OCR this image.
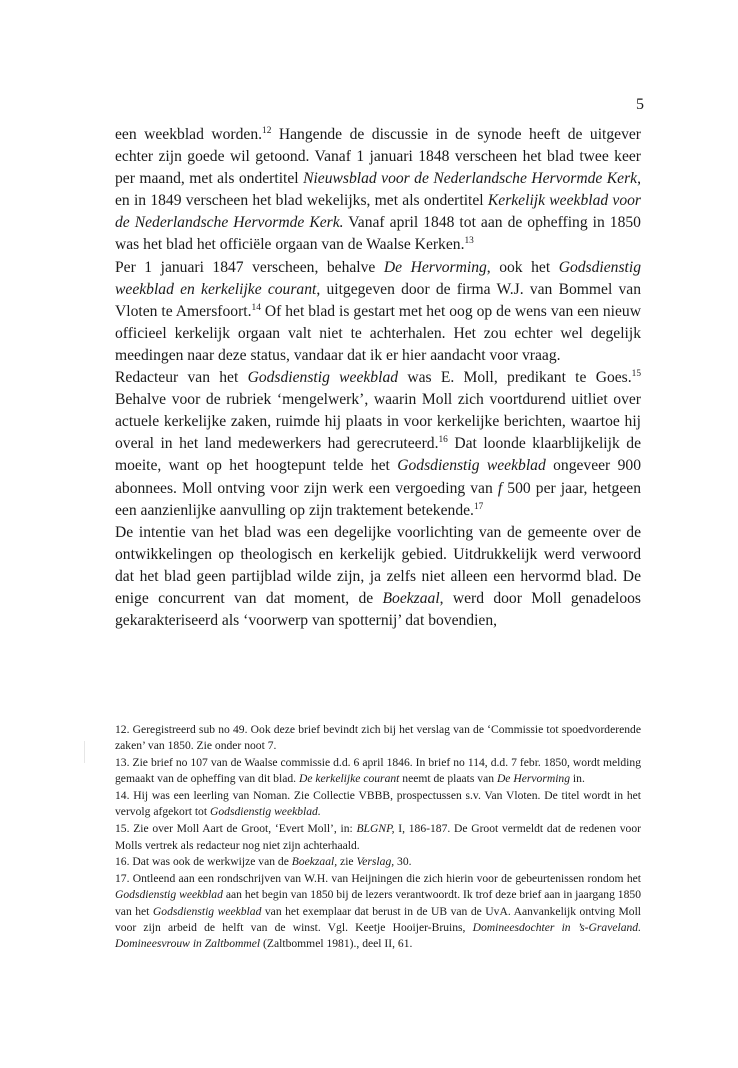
5

een weekblad worden.$^{12}$ Hangende de discussie in de synode heeft de uitgever echter zijn goede wil getoond. Vanaf 1 januari 1848 verscheen het blad twee keer per maand, met als ondertitel Nieuwsblad voor de Nederlandsche Hervormde Kerk, en in 1849 verscheen het blad wekelijks, met als ondertitel Kerkelijk weekblad voor de Nederlandsche Hervormde Kerk. Vanaf april 1848 tot aan de opheffing in 1850 was het blad het officiële orgaan van de Waalse Kerken.$^{13}$

Per 1 januari 1847 verscheen, behalve De Hervorming, ook het Godsdienstig weekblad en kerkelijke courant, uitgegeven door de firma W.J. van Bommel van Vloten te Amersfoort.$^{14}$ Of het blad is gestart met het oog op de wens van een nieuw officieel kerkelijk orgaan valt niet te achterhalen. Het zou echter wel degelijk meedingen naar deze status, vandaar dat ik er hier aandacht voor vraag.

Redacteur van het Godsdienstig weekblad was E. Moll, predikant te Goes.$^{15}$ Behalve voor de rubriek ‘mengelwerk’, waarin Moll zich voortdurend uitliet over actuele kerkelijke zaken, ruimde hij plaats in voor kerkelijke berichten, waartoe hij overal in het land medewerkers had gerecruteerd.$^{16}$ Dat loonde klaarblijkelijk de moeite, want op het hoogtepunt telde het Godsdienstig weekblad ongeveer 900 abonnees. Moll ontving voor zijn werk een vergoeding van f 500 per jaar, hetgeen een aanzienlijke aanvulling op zijn traktement betekende.$^{17}$

De intentie van het blad was een degelijke voorlichting van de gemeente over de ontwikkelingen op theologisch en kerkelijk gebied. Uitdrukkelijk werd verwoord dat het blad geen partijblad wilde zijn, ja zelfs niet alleen een hervormd blad. De enige concurrent van dat moment, de Boekzaal, werd door Moll genadeloos gekarakteriseerd als ‘voorwerp van spotternij’ dat bovendien,

12. Geregistreerd sub no 49. Ook deze brief bevindt zich bij het verslag van de ‘Commissie tot spoedvorderende zaken’ van 1850. Zie onder noot 7.

13. Zie brief no 107 van de Waalse commissie d.d. 6 april 1846. In brief no 114, d.d. 7 febr. 1850, wordt melding gemaakt van de opheffing van dit blad. De kerkelijke courant neemt de plaats van De Hervorming in.

14. Hij was een leerling van Noman. Zie Collectie VBBB, prospectussen s.v. Van Vloten. De titel wordt in het vervolg afgekort tot Godsdienstig weekblad.

15. Zie over Moll Aart de Groot, ‘Evert Moll’, in: BLGNP, I, 186-187. De Groot vermeldt dat de redenen voor Molls vertrek als redacteur nog niet zijn achterhaald.

16. Dat was ook de werkwijze van de Boekzaal, zie Verslag, 30.

17. Ontleend aan een rondschrijven van W.H. van Heijningen die zich hierin voor de gebeurtenissen rondom het Godsdienstig weekblad aan het begin van 1850 bij de lezers verantwoordt. Ik trof deze brief aan in jaargang 1850 van het Godsdienstig weekblad van het exemplaar dat berust in de UB van de UvA. Aanvankelijk ontving Moll voor zijn arbeid de helft van de winst. Vgl. Keetje Hooijer-Bruins, Domineesdochter in ’s-Graveland. Domineesvrouw in Zaltbommel (Zaltbommel 1981)., deel II, 61.
